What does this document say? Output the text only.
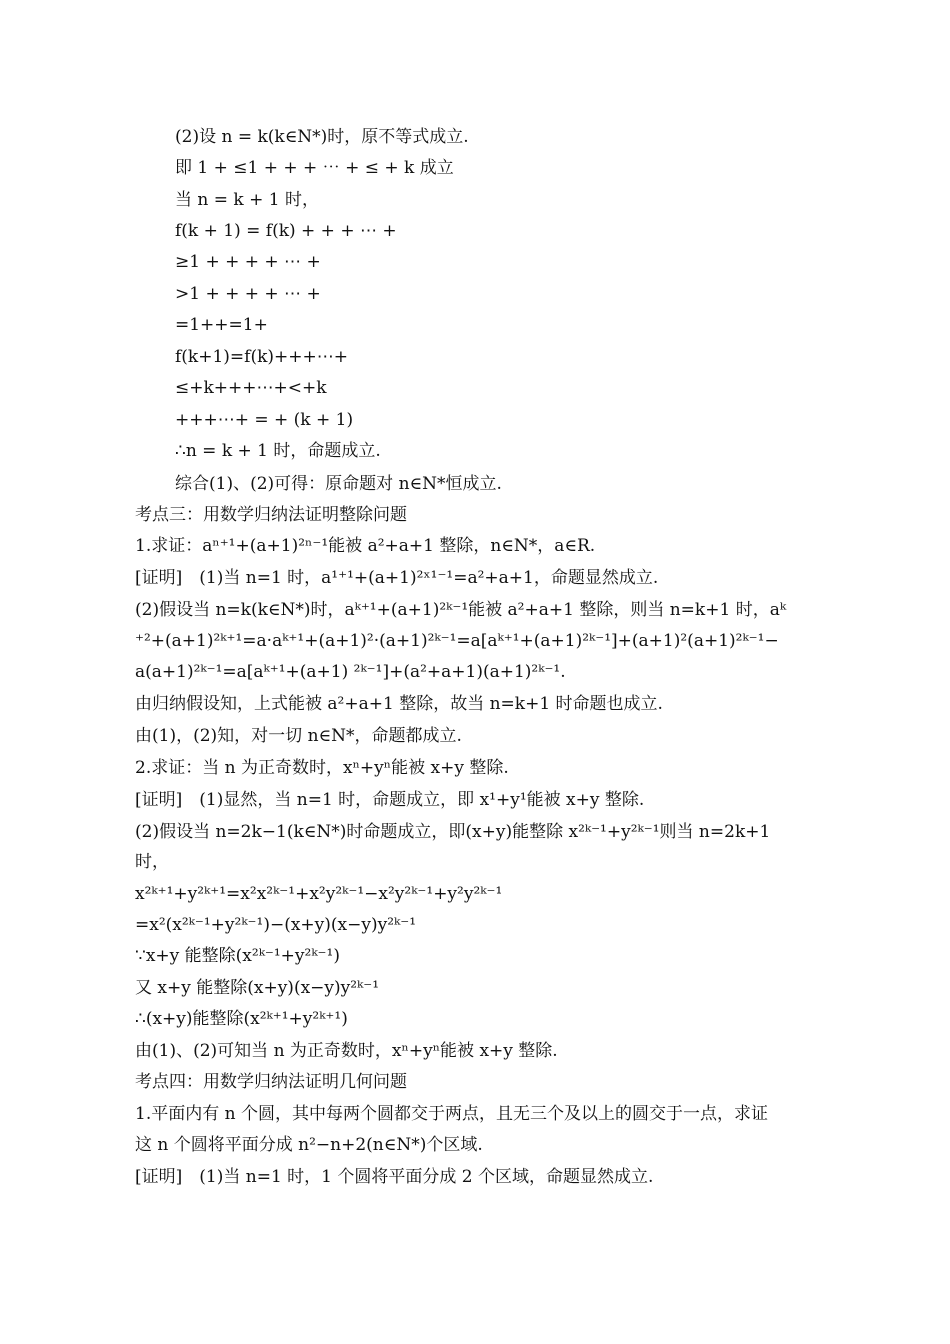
(2)设 n = k(k∈N*)时，原不等式成立.
即 1 + ≤1 + + + ⋯ + ≤ + k 成立
当 n = k + 1 时，
f(k + 1) = f(k) + + + ⋯ +
≥1 + + + + ⋯ +
>1 + + + + ⋯ +
=1++=1+
f(k+1)=f(k)+++⋯+
≤+k+++⋯+<+k
+++⋯+ = + (k + 1)
∴n = k + 1 时，命题成立.
综合(1)、(2)可得：原命题对 n∈N*恒成立.
考点三：用数学归纳法证明整除问题
1.求证：aⁿ⁺¹+(a+1)²ⁿ⁻¹能被 a²+a+1 整除，n∈N*，a∈R.
[证明]　(1)当 n=1 时，a¹⁺¹+(a+1)²ˣ¹⁻¹=a²+a+1，命题显然成立.
(2)假设当 n=k(k∈N*)时，aᵏ⁺¹+(a+1)²ᵏ⁻¹能被 a²+a+1 整除，则当 n=k+1 时，aᵏ
⁺²+(a+1)²ᵏ⁺¹=a·aᵏ⁺¹+(a+1)²·(a+1)²ᵏ⁻¹=a[aᵏ⁺¹+(a+1)²ᵏ⁻¹]+(a+1)²(a+1)²ᵏ⁻¹−
a(a+1)²ᵏ⁻¹=a[aᵏ⁺¹+(a+1) ²ᵏ⁻¹]+(a²+a+1)(a+1)²ᵏ⁻¹.
由归纳假设知，上式能被 a²+a+1 整除，故当 n=k+1 时命题也成立.
由(1)，(2)知，对一切 n∈N*，命题都成立.
2.求证：当 n 为正奇数时，xⁿ+yⁿ能被 x+y 整除.
[证明]　(1)显然，当 n=1 时，命题成立，即 x¹+y¹能被 x+y 整除.
(2)假设当 n=2k−1(k∈N*)时命题成立，即(x+y)能整除 x²ᵏ⁻¹+y²ᵏ⁻¹则当 n=2k+1
时，
x²ᵏ⁺¹+y²ᵏ⁺¹=x²x²ᵏ⁻¹+x²y²ᵏ⁻¹−x²y²ᵏ⁻¹+y²y²ᵏ⁻¹
=x²(x²ᵏ⁻¹+y²ᵏ⁻¹)−(x+y)(x−y)y²ᵏ⁻¹
∵x+y 能整除(x²ᵏ⁻¹+y²ᵏ⁻¹)
又 x+y 能整除(x+y)(x−y)y²ᵏ⁻¹
∴(x+y)能整除(x²ᵏ⁺¹+y²ᵏ⁺¹)
由(1)、(2)可知当 n 为正奇数时，xⁿ+yⁿ能被 x+y 整除.
考点四：用数学归纳法证明几何问题
1.平面内有 n 个圆，其中每两个圆都交于两点，且无三个及以上的圆交于一点，求证
这 n 个圆将平面分成 n²−n+2(n∈N*)个区域.
[证明]　(1)当 n=1 时，1 个圆将平面分成 2 个区域，命题显然成立.
